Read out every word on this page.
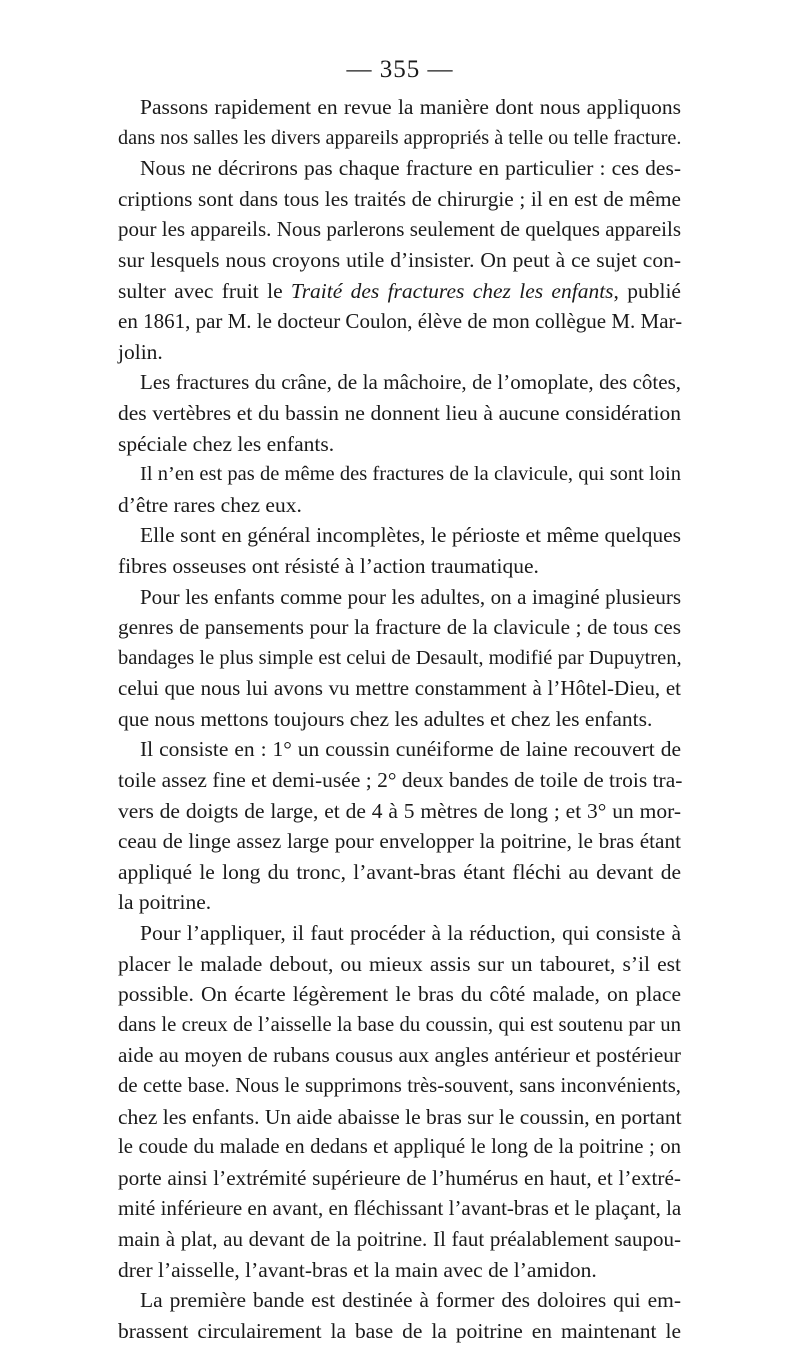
— 355 —
Passons rapidement en revue la manière dont nous appliquons
dans nos salles les divers appareils appropriés à telle ou telle fracture.
Nous ne décrirons pas chaque fracture en particulier : ces des-
criptions sont dans tous les traités de chirurgie ; il en est de même
pour les appareils. Nous parlerons seulement de quelques appareils
sur lesquels nous croyons utile d’insister. On peut à ce sujet con-
sulter avec fruit le Traité des fractures chez les enfants, publié
en 1861, par M. le docteur Coulon, élève de mon collègue M. Mar-
jolin.
Les fractures du crâne, de la mâchoire, de l’omoplate, des côtes,
des vertèbres et du bassin ne donnent lieu à aucune considération
spéciale chez les enfants.
Il n’en est pas de même des fractures de la clavicule, qui sont loin
d’être rares chez eux.
Elle sont en général incomplètes, le périoste et même quelques
fibres osseuses ont résisté à l’action traumatique.
Pour les enfants comme pour les adultes, on a imaginé plusieurs
genres de pansements pour la fracture de la clavicule ; de tous ces
bandages le plus simple est celui de Desault, modifié par Dupuytren,
celui que nous lui avons vu mettre constamment à l’Hôtel-Dieu, et
que nous mettons toujours chez les adultes et chez les enfants.
Il consiste en : 1° un coussin cunéiforme de laine recouvert de
toile assez fine et demi-usée ; 2° deux bandes de toile de trois tra-
vers de doigts de large, et de 4 à 5 mètres de long ; et 3° un mor-
ceau de linge assez large pour envelopper la poitrine, le bras étant
appliqué le long du tronc, l’avant-bras étant fléchi au devant de
la poitrine.
Pour l’appliquer, il faut procéder à la réduction, qui consiste à
placer le malade debout, ou mieux assis sur un tabouret, s’il est
possible. On écarte légèrement le bras du côté malade, on place
dans le creux de l’aisselle la base du coussin, qui est soutenu par un
aide au moyen de rubans cousus aux angles antérieur et postérieur
de cette base. Nous le supprimons très-souvent, sans inconvénients,
chez les enfants. Un aide abaisse le bras sur le coussin, en portant
le coude du malade en dedans et appliqué le long de la poitrine ; on
porte ainsi l’extrémité supérieure de l’humérus en haut, et l’extré-
mité inférieure en avant, en fléchissant l’avant-bras et le plaçant, la
main à plat, au devant de la poitrine. Il faut préalablement saupou-
drer l’aisselle, l’avant-bras et la main avec de l’amidon.
La première bande est destinée à former des doloires qui em-
brassent circulairement la base de la poitrine en maintenant le
